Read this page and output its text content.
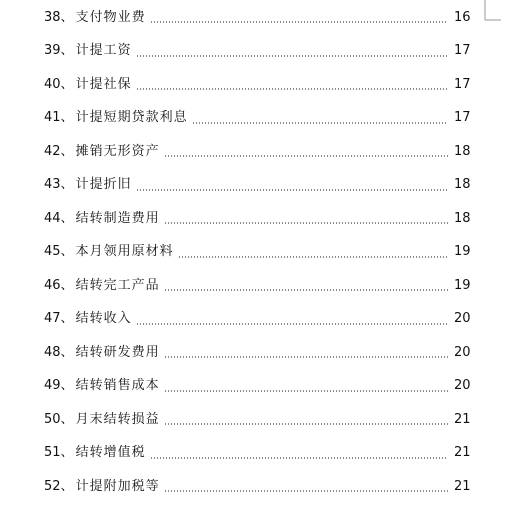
38 、 支付物业费	16
39 、 计提工资	17
40 、 计提社保	17
41 、 计提短期贷款利息	17
42 、 摊销无形资产	18
43 、 计提折旧	18
44 、 结转制造费用	18
45 、 本月领用原材料	19
46 、 结转完工产品	19
47 、 结转收入	20
48 、 结转研发费用	20
49 、 结转销售成本	20
50 、 月末结转损益	21
51 、 结转增值税	21
52 、 计提附加税等	21
